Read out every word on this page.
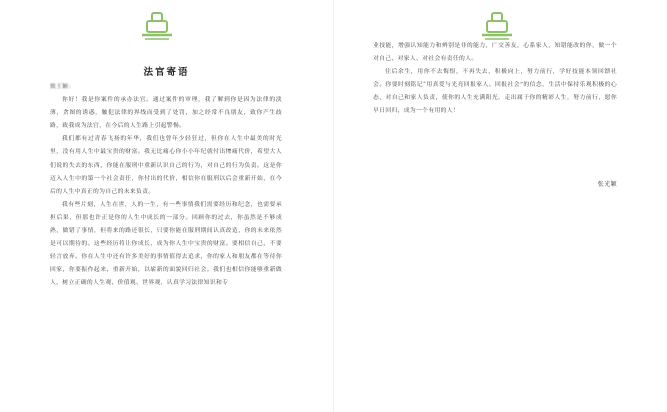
法官寄语
致王颖：

你好！我是你案件的承办法官。通过案件的审理，我了解到你是因为法律的淡薄，贪图的诱惑，触犯法律的界线而受到了处罚，加之经常不良朋友，致你产生歧路，致我成为法官，在今后的人生路上引起警惕。

我们都有过青春飞扬的年华，我们也曾年少轻狂过，但你在人生中最美的时光里，没有用人生中最宝贵的财富。我无比痛心你小小年纪就付出惨痛代价，希望大人们说的失去的东西，你能在服刑中重新认识自己的行为，对自己的行为负责。这是你迈入人生中的第一个社会责任，你付出的代价，相信你在服刑以后会重新开始，在今后的人生中真正的为自己的未来负责。

我有些片刻，人生在世，人的一生，有一些事情我们需要经历和纪念，也需要承担后果，但那也许正是你的人生中成长的一部分。回顾你的过去，你虽然是不够成熟，做错了事情，但将来的路还很长，只要你能在服刑期间认真改造，你的未来依然是可以期待的。这些经历将让你成长，成为你人生中宝贵的财富。要相信自己，不要轻言放弃。你在人生中还有许多美好的事情值得去追求，你的家人和朋友都在等待你回家，你要振作起来，重新开始，以崭新的面貌回归社会。我们也相信你能够重新做人，树立正确的人生观、价值观、世界观，认真学习法律知识和专

业技能，增强认知能力和辨别是非的能力，广交善友，心系家人，知错能改的你，做一个对自己、对家人、对社会有责任的人。

往后余生，用你不去悔恨，不再失去，积极向上，努力前行，学好技能本领回馈社会。你要时刻铭记“用真爱与光亮回报家人、回报社会”的信念，生活中保持乐观积极的心态，对自己和家人负责，使你的人生充满阳光，走出属于你的精彩人生，努力前行，愿你早日回归，成为一个有用的人！

张光颖
